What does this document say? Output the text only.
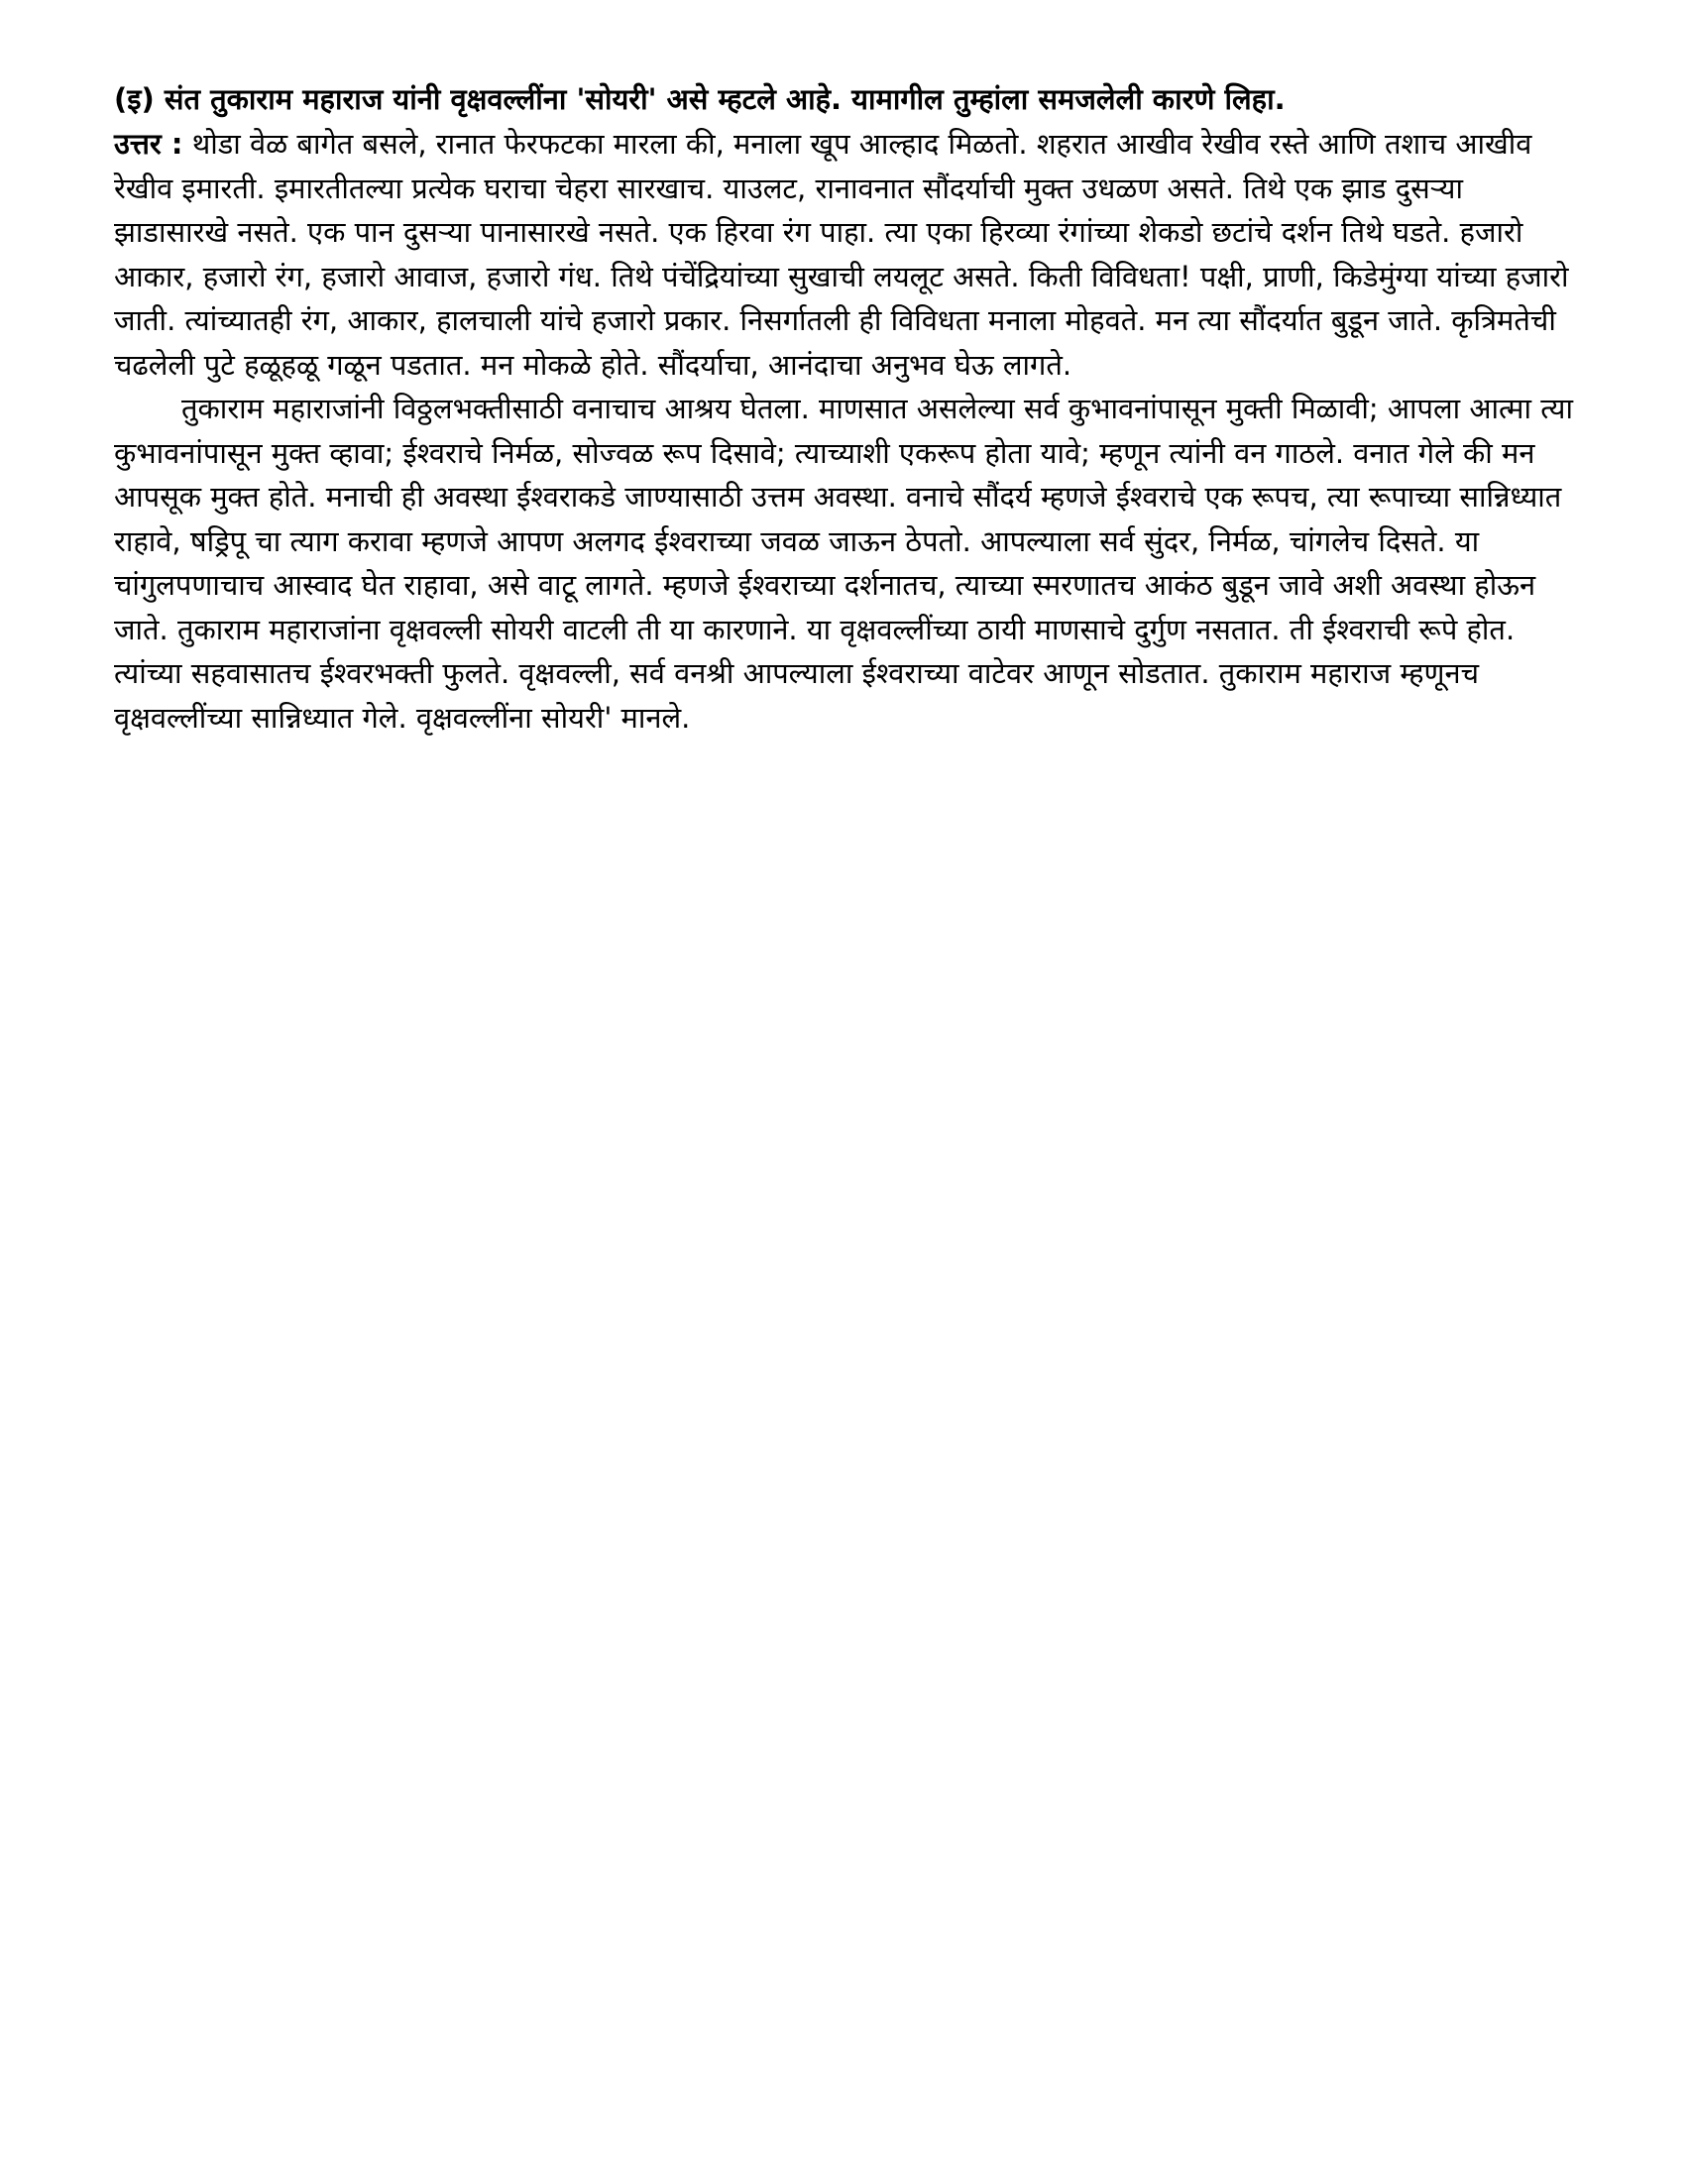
(इ) संत तुकाराम महाराज यांनी वृक्षवल्लींना 'सोयरी' असे म्हटले आहे. यामागील तुम्हांला समजलेली कारणे लिहा.

उत्तर : थोडा वेळ बागेत बसले, रानात फेरफटका मारला की, मनाला खूप आल्हाद मिळतो. शहरात आखीव रेखीव रस्ते आणि तशाच आखीव रेखीव इमारती. इमारतीतल्या प्रत्येक घराचा चेहरा सारखाच. याउलट, रानावनात सौंदर्याची मुक्त उधळण असते. तिथे एक झाड दुसऱ्या झाडासारखे नसते. एक पान दुसऱ्या पानासारखे नसते. एक हिरवा रंग पाहा. त्या एका हिरव्या रंगांच्या शेकडो छटांचे दर्शन तिथे घडते. हजारो आकार, हजारो रंग, हजारो आवाज, हजारो गंध. तिथे पंचेंद्रियांच्या सुखाची लयलूट असते. किती विविधता! पक्षी, प्राणी, किडेमुंग्या यांच्या हजारो जाती. त्यांच्यातही रंग, आकार, हालचाली यांचे हजारो प्रकार. निसर्गातली ही विविधता मनाला मोहवते. मन त्या सौंदर्यात बुडून जाते. कृत्रिमतेची चढलेली पुटे हळूहळू गळून पडतात. मन मोकळे होते. सौंदर्याचा, आनंदाचा अनुभव घेऊ लागते.

तुकाराम महाराजांनी विठ्ठलभक्तीसाठी वनाचाच आश्रय घेतला. माणसात असलेल्या सर्व कुभावनांपासून मुक्ती मिळावी; आपला आत्मा त्या कुभावनांपासून मुक्त व्हावा; ईश्वराचे निर्मळ, सोज्वळ रूप दिसावे; त्याच्याशी एकरूप होता यावे; म्हणून त्यांनी वन गाठले. वनात गेले की मन आपसूक मुक्त होते. मनाची ही अवस्था ईश्वराकडे जाण्यासाठी उत्तम अवस्था. वनाचे सौंदर्य म्हणजे ईश्वराचे एक रूपच, त्या रूपाच्या सान्निध्यात राहावे, षड्रिपू चा त्याग करावा म्हणजे आपण अलगद ईश्वराच्या जवळ जाऊन ठेपतो. आपल्याला सर्व सुंदर, निर्मळ, चांगलेच दिसते. या चांगुलपणाचाच आस्वाद घेत राहावा, असे वाटू लागते. म्हणजे ईश्वराच्या दर्शनातच, त्याच्या स्मरणातच आकंठ बुडून जावे अशी अवस्था होऊन जाते. तुकाराम महाराजांना वृक्षवल्ली सोयरी वाटली ती या कारणाने. या वृक्षवल्लींच्या ठायी माणसाचे दुर्गुण नसतात. ती ईश्वराची रूपे होत. त्यांच्या सहवासातच ईश्वरभक्ती फुलते. वृक्षवल्ली, सर्व वनश्री आपल्याला ईश्वराच्या वाटेवर आणून सोडतात. तुकाराम महाराज म्हणूनच वृक्षवल्लींच्या सान्निध्यात गेले. वृक्षवल्लींना सोयरी' मानले.
